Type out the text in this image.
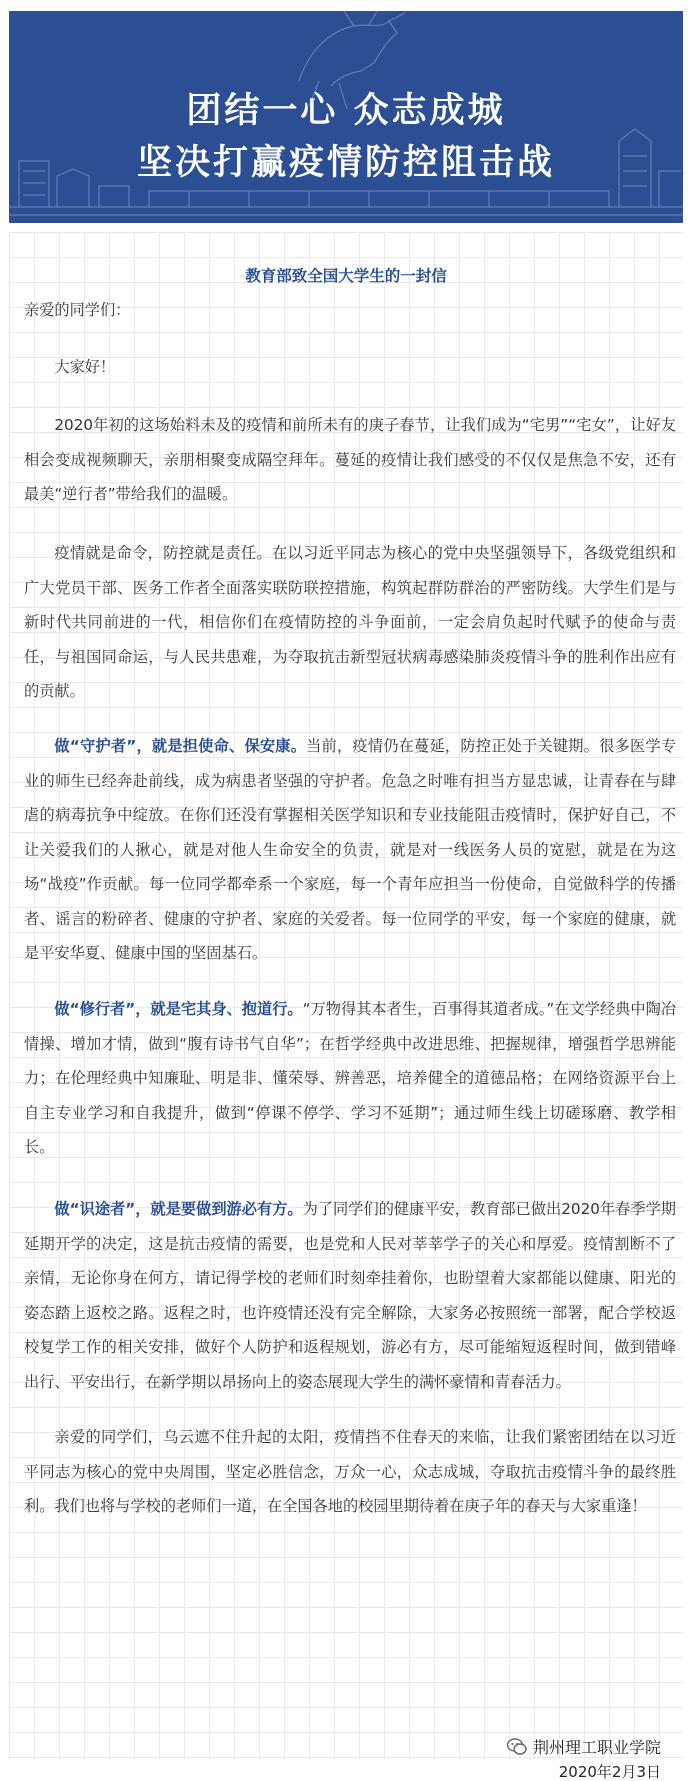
团结一心 众志成城
坚决打赢疫情防控阻击战
教育部致全国大学生的一封信

亲爱的同学们：

大家好！

2020年初的这场始料未及的疫情和前所未有的庚子春节，让我们成为“宅男”“宅女”，让好友相会变成视频聊天，亲朋相聚变成隔空拜年。蔓延的疫情让我们感受的不仅仅是焦急不安，还有最美“逆行者”带给我们的温暖。

疫情就是命令，防控就是责任。在以习近平同志为核心的党中央坚强领导下，各级党组织和广大党员干部、医务工作者全面落实联防联控措施，构筑起群防群治的严密防线。大学生们是与新时代共同前进的一代，相信你们在疫情防控的斗争面前，一定会肩负起时代赋予的使命与责任，与祖国同命运，与人民共患难，为夺取抗击新型冠状病毒感染肺炎疫情斗争的胜利作出应有的贡献。

做“守护者”，就是担使命、保安康。当前，疫情仍在蔓延，防控正处于关键期。很多医学专业的师生已经奔赴前线，成为病患者坚强的守护者。危急之时唯有担当方显忠诚，让青春在与肆虐的病毒抗争中绽放。在你们还没有掌握相关医学知识和专业技能阻击疫情时，保护好自己，不让关爱我们的人揪心，就是对他人生命安全的负责，就是对一线医务人员的宽慰，就是在为这场“战疫”作贡献。每一位同学都牵系一个家庭，每一个青年应担当一份使命，自觉做科学的传播者、谣言的粉碎者、健康的守护者、家庭的关爱者。每一位同学的平安，每一个家庭的健康，就是平安华夏、健康中国的坚固基石。

做“修行者”，就是宅其身、抱道行。“万物得其本者生，百事得其道者成。”在文学经典中陶冶情操、增加才情，做到“腹有诗书气自华”；在哲学经典中改进思维、把握规律，增强哲学思辨能力；在伦理经典中知廉耻、明是非、懂荣辱、辨善恶，培养健全的道德品格；在网络资源平台上自主专业学习和自我提升，做到“停课不停学、学习不延期”；通过师生线上切磋琢磨、教学相长。

做“识途者”，就是要做到游必有方。为了同学们的健康平安，教育部已做出2020年春季学期延期开学的决定，这是抗击疫情的需要，也是党和人民对莘莘学子的关心和厚爱。疫情割断不了亲情，无论你身在何方，请记得学校的老师们时刻牵挂着你，也盼望着大家都能以健康、阳光的姿态踏上返校之路。返程之时，也许疫情还没有完全解除，大家务必按照统一部署，配合学校返校复学工作的相关安排，做好个人防护和返程规划，游必有方，尽可能缩短返程时间，做到错峰出行、平安出行，在新学期以昂扬向上的姿态展现大学生的满怀豪情和青春活力。

亲爱的同学们，乌云遮不住升起的太阳，疫情挡不住春天的来临，让我们紧密团结在以习近平同志为核心的党中央周围，坚定必胜信念，万众一心，众志成城，夺取抗击疫情斗争的最终胜利。我们也将与学校的老师们一道，在全国各地的校园里期待着在庚子年的春天与大家重逢！

荆州理工职业学院
2020年2月3日
